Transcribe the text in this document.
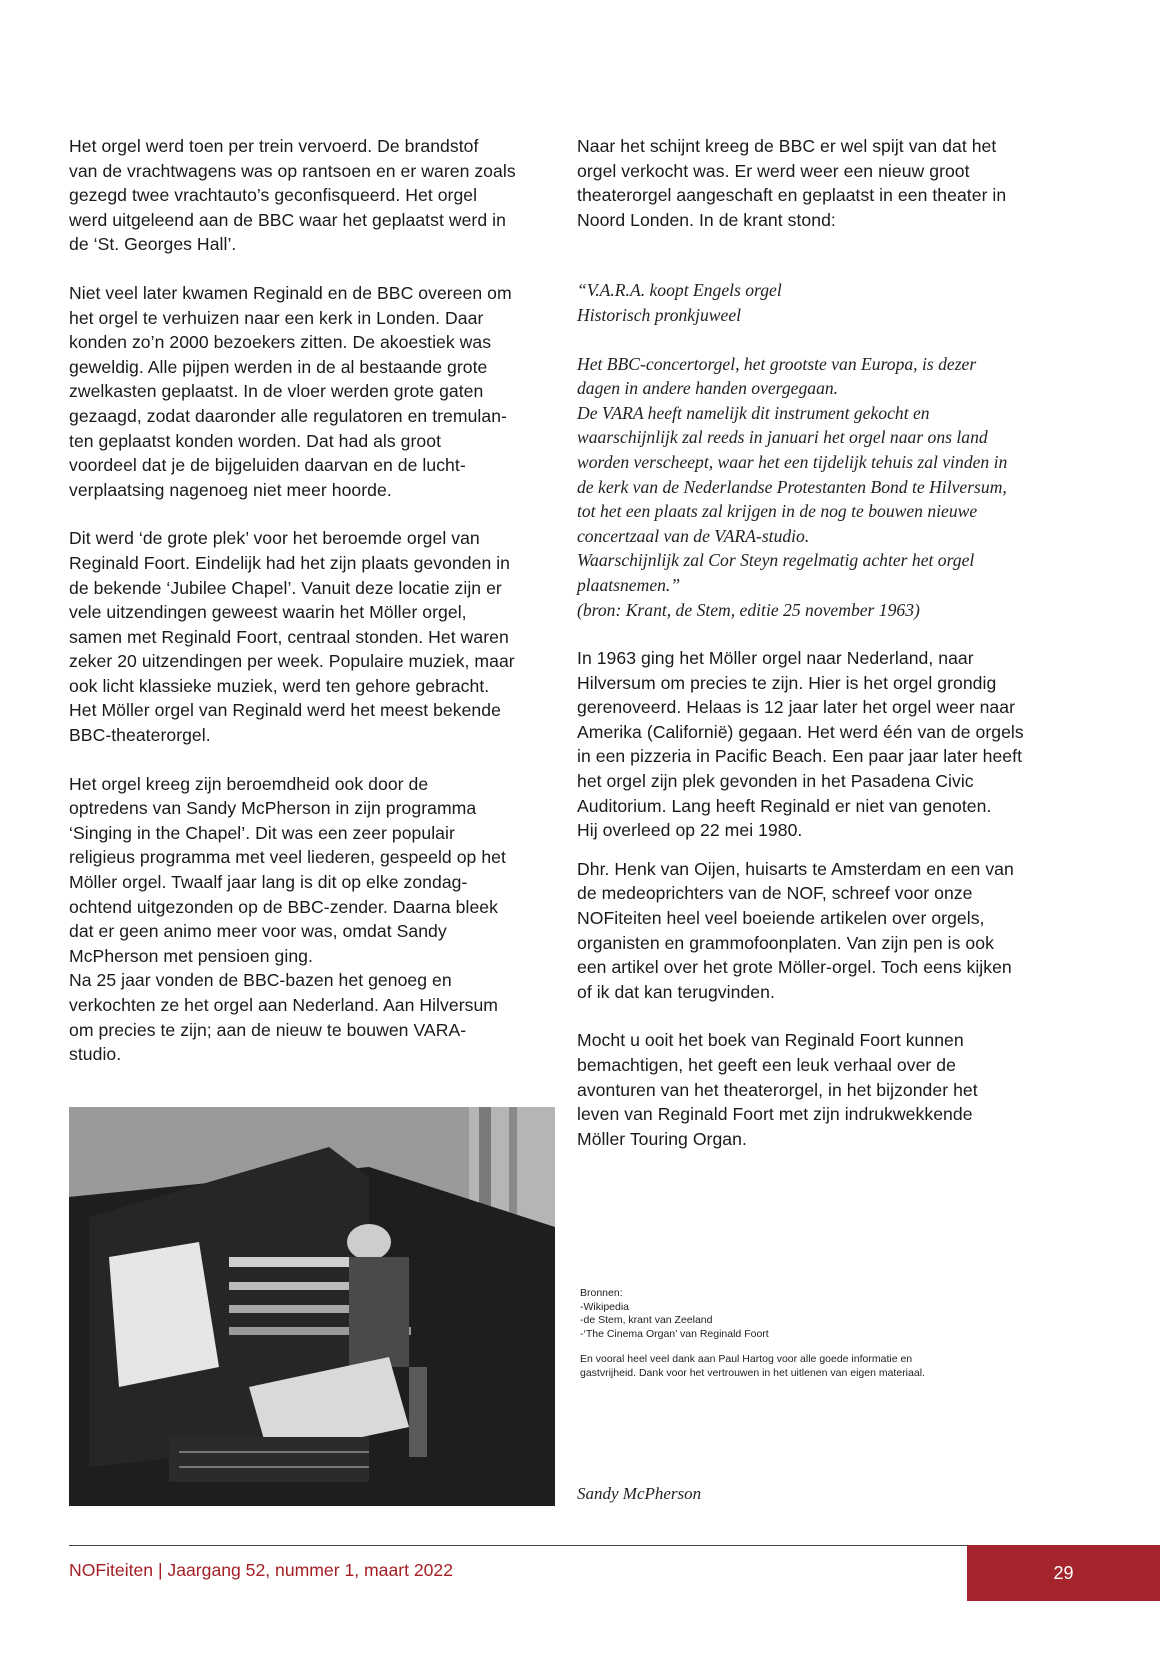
Het orgel werd toen per trein vervoerd. De brandstof
van de vrachtwagens was op rantsoen en er waren zoals
gezegd twee vrachtauto’s geconfisqueerd. Het orgel
werd uitgeleend aan de BBC waar het geplaatst werd in
de ‘St. Georges Hall’.

Niet veel later kwamen Reginald en de BBC overeen om
het orgel te verhuizen naar een kerk in Londen. Daar
konden zo’n 2000 bezoekers zitten. De akoestiek was
geweldig. Alle pijpen werden in de al bestaande grote
zwelkasten geplaatst. In de vloer werden grote gaten
gezaagd, zodat daaronder alle regulatoren en tremulan-
ten geplaatst konden worden. Dat had als groot
voordeel dat je de bijgeluiden daarvan en de lucht-
verplaatsing nagenoeg niet meer hoorde.

Dit werd ‘de grote plek’ voor het beroemde orgel van
Reginald Foort. Eindelijk had het zijn plaats gevonden in
de bekende ‘Jubilee Chapel’. Vanuit deze locatie zijn er
vele uitzendingen geweest waarin het Möller orgel,
samen met Reginald Foort, centraal stonden. Het waren
zeker 20 uitzendingen per week. Populaire muziek, maar
ook licht klassieke muziek, werd ten gehore gebracht.
Het Möller orgel van Reginald werd het meest bekende
BBC-theaterorgel.

Het orgel kreeg zijn beroemdheid ook door de
optredens van Sandy McPherson in zijn programma
‘Singing in the Chapel’. Dit was een zeer populair
religieus programma met veel liederen, gespeeld op het
Möller orgel. Twaalf jaar lang is dit op elke zondag-
ochtend uitgezonden op de BBC-zender. Daarna bleek
dat er geen animo meer voor was, omdat Sandy
McPherson met pensioen ging.
Na 25 jaar vonden de BBC-bazen het genoeg en
verkochten ze het orgel aan Nederland. Aan Hilversum
om precies te zijn; aan de nieuw te bouwen VARA-
studio.

Naar het schijnt kreeg de BBC er wel spijt van dat het
orgel verkocht was. Er werd weer een nieuw groot
theaterorgel aangeschaft en geplaatst in een theater in
Noord Londen. In de krant stond:

“V.A.R.A. koopt Engels orgel
Historisch pronkjuweel

Het BBC-concertorgel, het grootste van Europa, is dezer
dagen in andere handen overgegaan.
De VARA heeft namelijk dit instrument gekocht en
waarschijnlijk zal reeds in januari het orgel naar ons land
worden verscheept, waar het een tijdelijk tehuis zal vinden in
de kerk van de Nederlandse Protestanten Bond te Hilversum,
tot het een plaats zal krijgen in de nog te bouwen nieuwe
concertzaal van de VARA-studio.
Waarschijnlijk zal Cor Steyn regelmatig achter het orgel
plaatsnemen.”
(bron: Krant, de Stem, editie 25 november 1963)

In 1963 ging het Möller orgel naar Nederland, naar
Hilversum om precies te zijn. Hier is het orgel grondig
gerenoveerd. Helaas is 12 jaar later het orgel weer naar
Amerika (Californië) gegaan. Het werd één van de orgels
in een pizzeria in Pacific Beach. Een paar jaar later heeft
het orgel zijn plek gevonden in het Pasadena Civic
Auditorium. Lang heeft Reginald er niet van genoten.
Hij overleed op 22 mei 1980.

Dhr. Henk van Oijen, huisarts te Amsterdam en een van
de medeoprichters van de NOF, schreef voor onze
NOFiteiten heel veel boeiende artikelen over orgels,
organisten en grammofoonplaten. Van zijn pen is ook
een artikel over het grote Möller-orgel. Toch eens kijken
of ik dat kan terugvinden.

Mocht u ooit het boek van Reginald Foort kunnen
bemachtigen, het geeft een leuk verhaal over de
avonturen van het theaterorgel, in het bijzonder het
leven van Reginald Foort met zijn indrukwekkende
Möller Touring Organ.

Bronnen:

-Wikipedia

-de Stem, krant van Zeeland

-‘The Cinema Organ’ van Reginald Foort

En vooral heel veel dank aan Paul Hartog voor alle goede informatie en
gastvrijheid. Dank voor het vertrouwen in het uitlenen van eigen materiaal.

Sandy McPherson
NOFiteiten | Jaargang 52, nummer 1, maart 2022	29
